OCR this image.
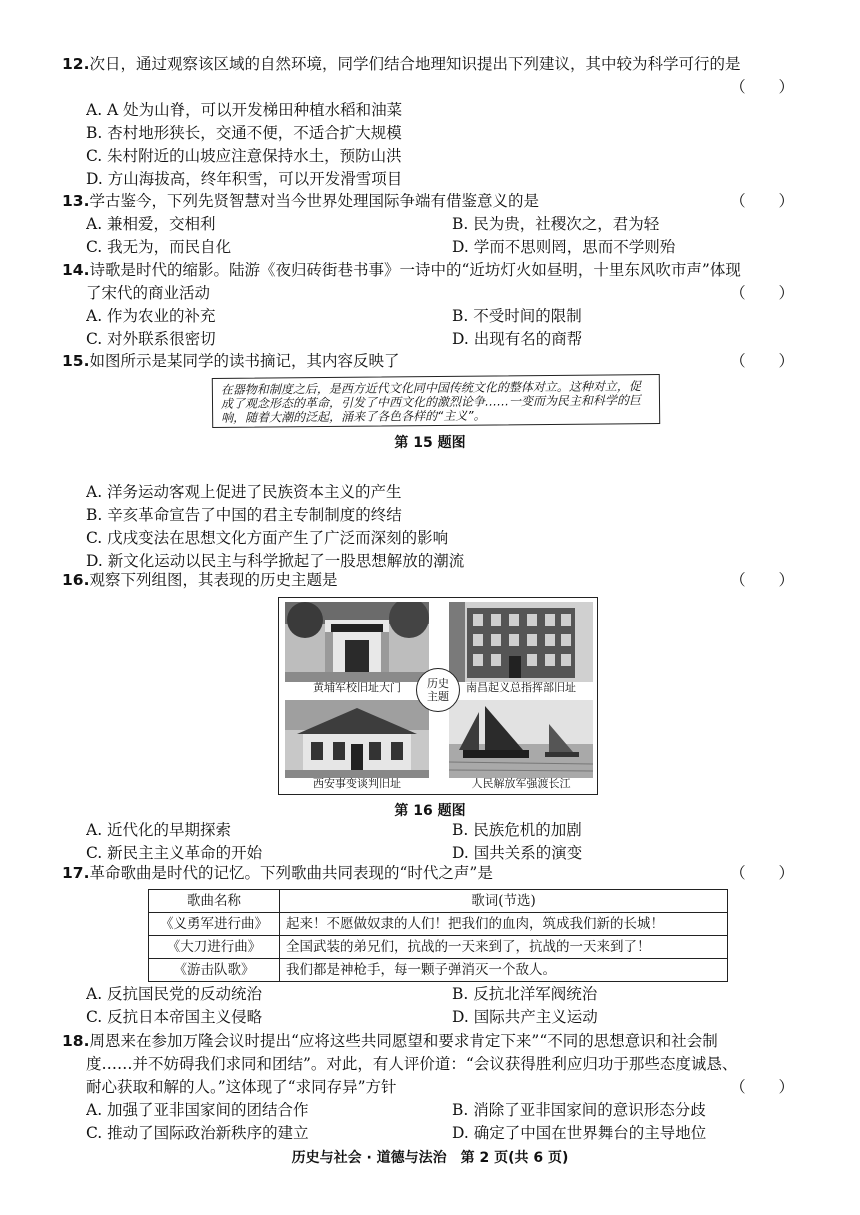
12.次日，通过观察该区域的自然环境，同学们结合地理知识提出下列建议，其中较为科学可行的是
（ ）
A. A 处为山脊，可以开发梯田种植水稻和油菜
B. 杏村地形狭长，交通不便，不适合扩大规模
C. 朱村附近的山坡应注意保持水土，预防山洪
D. 方山海拔高，终年积雪，可以开发滑雪项目
13.学古鉴今，下列先贤智慧对当今世界处理国际争端有借鉴意义的是	（ ）
A. 兼相爱，交相利	B. 民为贵，社稷次之，君为轻
C. 我无为，而民自化	D. 学而不思则罔，思而不学则殆
14.诗歌是时代的缩影。陆游《夜归砖街巷书事》一诗中的“近坊灯火如昼明，十里东风吹市声”体现
了宋代的商业活动	（ ）
A. 作为农业的补充	B. 不受时间的限制
C. 对外联系很密切	D. 出现有名的商帮
15.如图所示是某同学的读书摘记，其内容反映了	（ ）
在器物和制度之后，是西方近代文化同中国传统文化的整体对立。这种对立，促成了观念形态的革命，引发了中西文化的激烈论争……一变而为民主和科学的巨响，随着大潮的泛起，涌来了各色各样的“主义”。
第 15 题图
A. 洋务运动客观上促进了民族资本主义的产生
B. 辛亥革命宣告了中国的君主专制制度的终结
C. 戊戌变法在思想文化方面产生了广泛而深刻的影响
D. 新文化运动以民主与科学掀起了一股思想解放的潮流
16.观察下列组图，其表现的历史主题是	（ ）
黄埔军校旧址大门	南昌起义总指挥部旧址
西安事变谈判旧址	人民解放军强渡长江
历史主题
第 16 题图
A. 近代化的早期探索	B. 民族危机的加剧
C. 新民主主义革命的开始	D. 国共关系的演变
17.革命歌曲是时代的记忆。下列歌曲共同表现的“时代之声”是	（ ）
歌曲名称	歌词(节选)
《义勇军进行曲》	起来！不愿做奴隶的人们！把我们的血肉，筑成我们新的长城！
《大刀进行曲》	全国武装的弟兄们，抗战的一天来到了，抗战的一天来到了！
《游击队歌》	我们都是神枪手，每一颗子弹消灭一个敌人。
A. 反抗国民党的反动统治	B. 反抗北洋军阀统治
C. 反抗日本帝国主义侵略	D. 国际共产主义运动
18.周恩来在参加万隆会议时提出“应将这些共同愿望和要求肯定下来”“不同的思想意识和社会制
度……并不妨碍我们求同和团结”。对此，有人评价道：“会议获得胜利应归功于那些态度诚恳、
耐心获取和解的人。”这体现了“求同存异”方针	（ ）
A. 加强了亚非国家间的团结合作	B. 消除了亚非国家间的意识形态分歧
C. 推动了国际政治新秩序的建立	D. 确定了中国在世界舞台的主导地位
历史与社会 · 道德与法治　第 2 页(共 6 页)
